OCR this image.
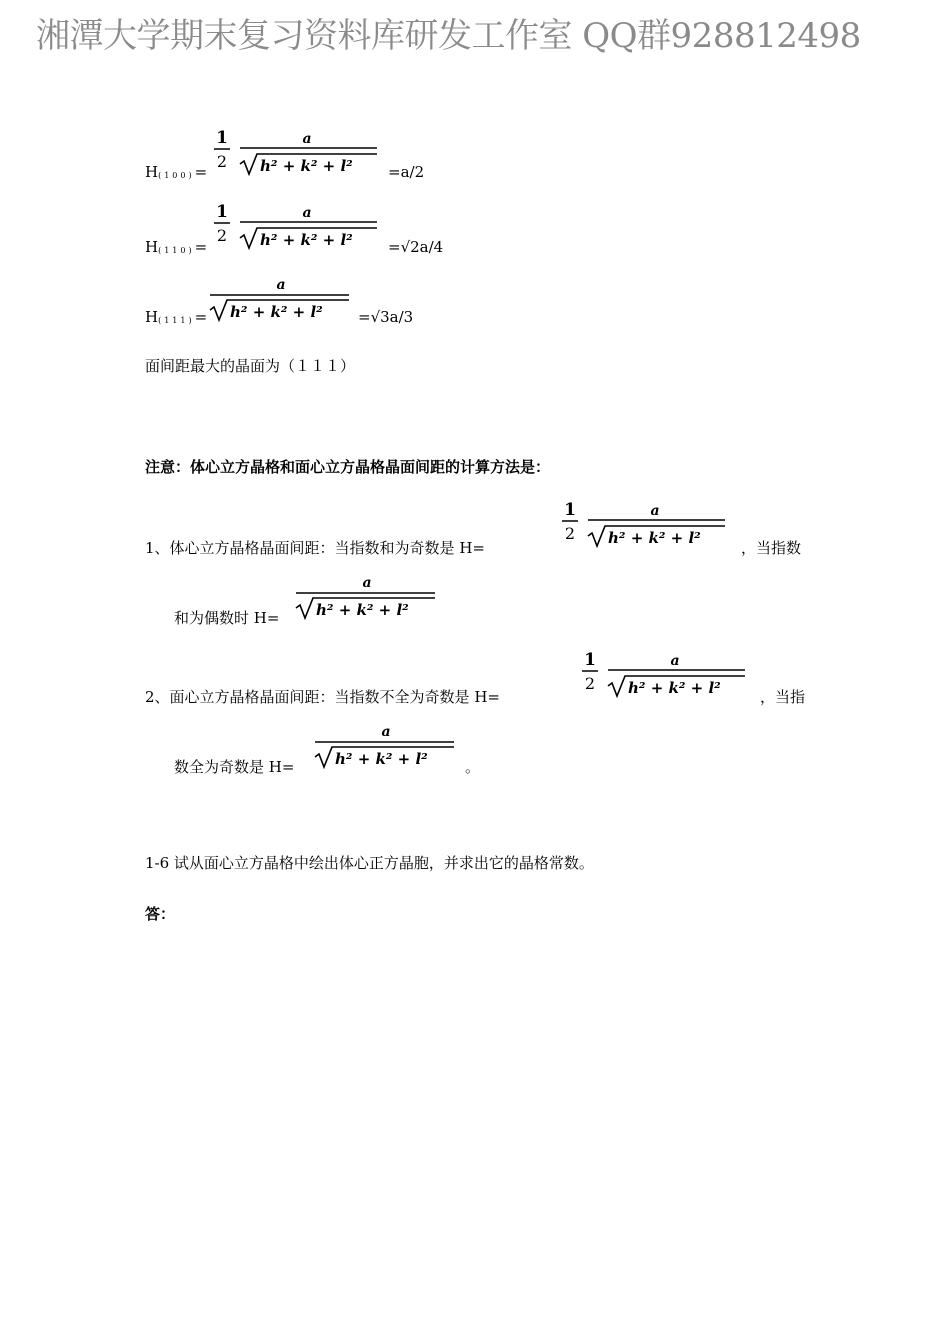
湘潭大学期末复习资料库研发工作室 QQ群928812498
H(100)=
1
2
a
h² + k² + l² =a/2
H(110)=
1
2
a
h² + k² + l² =√2a/4
H(111)=
a
h² + k² + l² =√3a/3
面间距最大的晶面为（１１１）
注意：体心立方晶格和面心立方晶格晶面间距的计算方法是：
1、体心立方晶格晶面间距：当指数和为奇数是 H=
1
2
a
h² + k² + l²
，当指数
和为偶数时 H=
a
h² + k² + l²
2、面心立方晶格晶面间距：当指数不全为奇数是 H=
1
2
a
h² + k² + l²	，当指
数全为奇数是 H=
a
h² + k² + l² 。
1-6 试从面心立方晶格中绘出体心正方晶胞，并求出它的晶格常数。
答：
